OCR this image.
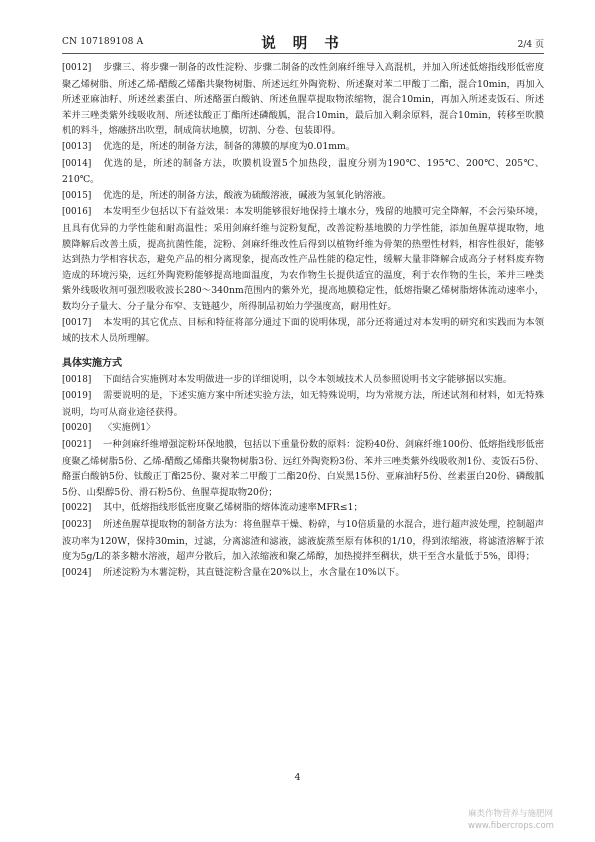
CN 107189108 A	说 明 书	2/4 页

[0012] 步骤三、将步骤一制备的改性淀粉、步骤二制备的改性剑麻纤维导入高混机，并加入所述低熔指线形低密度聚乙烯树脂、所述乙烯-醋酸乙烯酯共聚物树脂、所述远红外陶瓷粉、所述聚对苯二甲酸丁二酯，混合10min，再加入所述亚麻油籽、所述丝素蛋白、所述酪蛋白酸钠、所述鱼腥草提取物浓缩物，混合10min，再加入所述麦饭石、所述苯并三唑类紫外线吸收剂、所述钛酸正丁酯所述磷酸胍，混合10min，最后加入剩余原料，混合10min，转移至吹膜机的料斗，熔融挤出吹塑，制成筒状地膜，切割、分卷、包装即得。

[0013] 优选的是，所述的制备方法，制备的薄膜的厚度为0.01mm。

[0014] 优选的是，所述的制备方法，吹膜机设置5个加热段，温度分别为190℃、195℃、200℃、205℃、210℃。

[0015] 优选的是，所述的制备方法，酸液为硫酸溶液，碱液为氢氧化钠溶液。

[0016] 本发明至少包括以下有益效果：本发明能够很好地保持土壤水分，残留的地膜可完全降解，不会污染环境，且具有优异的力学性能和耐高温性；采用剑麻纤维与淀粉复配，改善淀粉基地膜的力学性能，添加鱼腥草提取物，地膜降解后改善土质，提高抗菌性能，淀粉、剑麻纤维改性后得到以植物纤维为骨架的热塑性材料，相容性很好，能够达到热力学相容状态，避免产品的相分离现象，提高改性产品性能的稳定性，缓解大量非降解合成高分子材料废弃物造成的环境污染，远红外陶瓷粉能够提高地面温度，为农作物生长提供适宜的温度，利于农作物的生长，苯并三唑类紫外线吸收剂可强烈吸收波长280～340nm范围内的紫外光，提高地膜稳定性，低熔指聚乙烯树脂熔体流动速率小，数均分子量大、分子量分布窄、支链越少，所得制品初始力学强度高，耐用性好。

[0017] 本发明的其它优点、目标和特征将部分通过下面的说明体现，部分还将通过对本发明的研究和实践而为本领域的技术人员所理解。

具体实施方式

[0018] 下面结合实施例对本发明做进一步的详细说明，以令本领域技术人员参照说明书文字能够据以实施。

[0019] 需要说明的是，下述实施方案中所述实验方法，如无特殊说明，均为常规方法，所述试剂和材料，如无特殊说明，均可从商业途径获得。

[0020] 〈实施例1〉

[0021] 一种剑麻纤维增强淀粉环保地膜，包括以下重量份数的原料：淀粉40份、剑麻纤维100份、低熔指线形低密度聚乙烯树脂5份、乙烯-醋酸乙烯酯共聚物树脂3份、远红外陶瓷粉3份、苯并三唑类紫外线吸收剂1份、麦饭石5份、酪蛋白酸钠5份、钛酸正丁酯25份、聚对苯二甲酸丁二酯20份、白炭黑15份、亚麻油籽5份、丝素蛋白20份、磷酸胍5份、山梨醇5份、滑石粉5份、鱼腥草提取物20份；

[0022] 其中，低熔指线形低密度聚乙烯树脂的熔体流动速率MFR≤1；

[0023] 所述鱼腥草提取物的制备方法为：将鱼腥草干燥、粉碎，与10倍质量的水混合，进行超声波处理，控制超声波功率为120W，保持30min，过滤，分离滤渣和滤液，滤液旋蒸至原有体积的1/10，得到浓缩液，将滤渣溶解于浓度为5g/L的茶多糖水溶液，超声分散后，加入浓缩液和聚乙烯醇，加热搅拌至稠状，烘干至含水量低于5%，即得；

[0024] 所述淀粉为木薯淀粉，其直链淀粉含量在20%以上，水含量在10%以下。

4
麻类作物营养与施肥网
www.fibercrops.com
